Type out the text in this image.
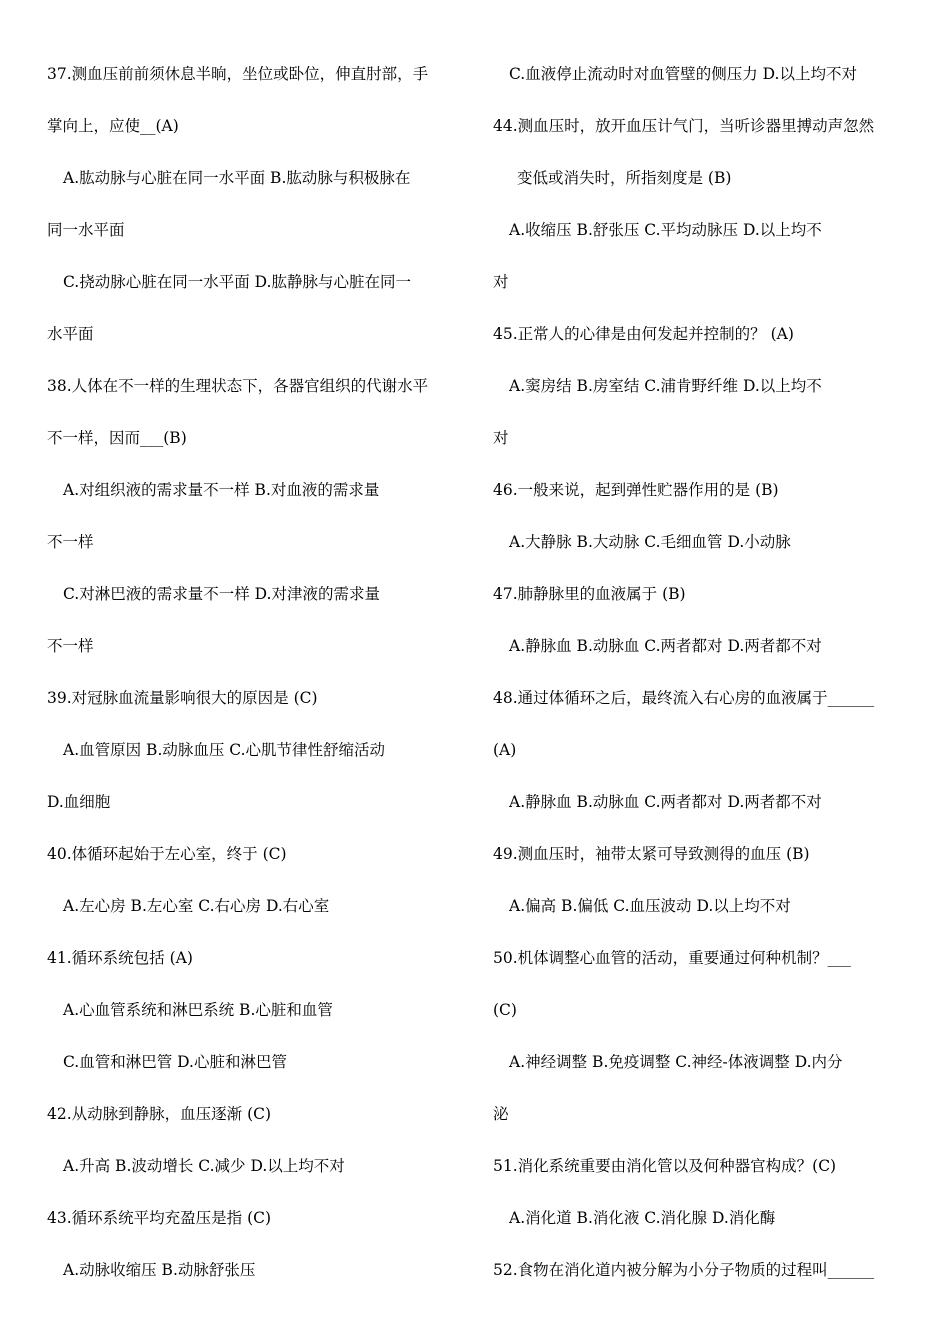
37.测血压前前须休息半晌，坐位或卧位，伸直肘部，手
掌向上，应使__(A)
A.肱动脉与心脏在同一水平面 B.肱动脉与积极脉在
同一水平面
C.挠动脉心脏在同一水平面 D.肱静脉与心脏在同一
水平面
38.人体在不一样的生理状态下，各器官组织的代谢水平
不一样，因而___(B)
A.对组织液的需求量不一样 B.对血液的需求量
不一样
C.对淋巴液的需求量不一样 D.对津液的需求量
不一样
39.对冠脉血流量影响很大的原因是 (C)
A.血管原因 B.动脉血压 C.心肌节律性舒缩活动
D.血细胞
40.体循环起始于左心室，终于 (C)
A.左心房 B.左心室 C.右心房 D.右心室
41.循环系统包括 (A)
A.心血管系统和淋巴系统 B.心脏和血管
C.血管和淋巴管 D.心脏和淋巴管
42.从动脉到静脉，血压逐渐 (C)
A.升高 B.波动增长 C.减少 D.以上均不对
43.循环系统平均充盈压是指 (C)
A.动脉收缩压 B.动脉舒张压
C.血液停止流动时对血管壁的侧压力 D.以上均不对
44.测血压时，放开血压计气门，当听诊器里搏动声忽然
变低或消失时，所指刻度是 (B)
A.收缩压 B.舒张压 C.平均动脉压 D.以上均不
对
45.正常人的心律是由何发起并控制的？ (A)
A.窦房结 B.房室结 C.浦肯野纤维 D.以上均不
对
46.一般来说，起到弹性贮器作用的是 (B)
A.大静脉 B.大动脉 C.毛细血管 D.小动脉
47.肺静脉里的血液属于 (B)
A.静脉血 B.动脉血 C.两者都对 D.两者都不对
48.通过体循环之后，最终流入右心房的血液属于______
(A)
A.静脉血 B.动脉血 C.两者都对 D.两者都不对
49.测血压时，袖带太紧可导致测得的血压 (B)
A.偏高 B.偏低 C.血压波动 D.以上均不对
50.机体调整心血管的活动，重要通过何种机制？___
(C)
A.神经调整 B.免疫调整 C.神经-体液调整 D.内分
泌
51.消化系统重要由消化管以及何种器官构成？(C)
A.消化道 B.消化液 C.消化腺 D.消化酶
52.食物在消化道内被分解为小分子物质的过程叫______
